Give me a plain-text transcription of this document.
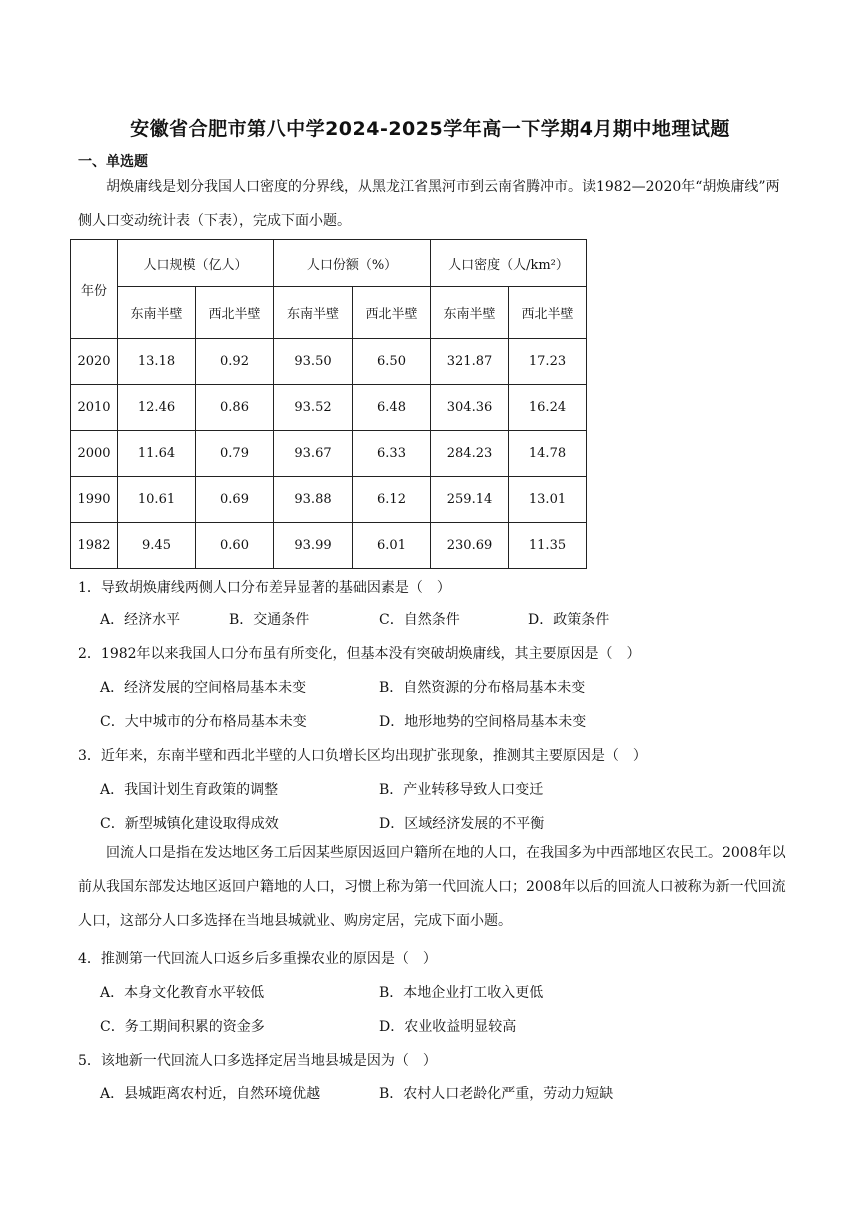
安徽省合肥市第八中学2024-2025学年高一下学期4月期中地理试题
一、单选题

胡焕庸线是划分我国人口密度的分界线，从黑龙江省黑河市到云南省腾冲市。读1982—2020年“胡焕庸线”两侧人口变动统计表（下表），完成下面小题。

年份	人口规模（亿人）		人口份额（%）		人口密度（人/km²）	
	东南半壁	西北半壁	东南半壁	西北半壁	东南半壁	西北半壁
2020	13.18	0.92	93.50	6.50	321.87	17.23
2010	12.46	0.86	93.52	6.48	304.36	16.24
2000	11.64	0.79	93.67	6.33	284.23	14.78
1990	10.61	0.69	93.88	6.12	259.14	13.01
1982	9.45	0.60	93.99	6.01	230.69	11.35
1．导致胡焕庸线两侧人口分布差异显著的基础因素是（　）
A．经济水平	B．交通条件	C．自然条件	D．政策条件
2．1982年以来我国人口分布虽有所变化，但基本没有突破胡焕庸线，其主要原因是（　）
A．经济发展的空间格局基本未变	B．自然资源的分布格局基本未变
C．大中城市的分布格局基本未变	D．地形地势的空间格局基本未变
3．近年来，东南半壁和西北半壁的人口负增长区均出现扩张现象，推测其主要原因是（　）
A．我国计划生育政策的调整	B．产业转移导致人口变迁
C．新型城镇化建设取得成效	D．区域经济发展的不平衡

回流人口是指在发达地区务工后因某些原因返回户籍所在地的人口，在我国多为中西部地区农民工。2008年以前从我国东部发达地区返回户籍地的人口，习惯上称为第一代回流人口；2008年以后的回流人口被称为新一代回流人口，这部分人口多选择在当地县城就业、购房定居，完成下面小题。

4．推测第一代回流人口返乡后多重操农业的原因是（　）
A．本身文化教育水平较低	B．本地企业打工收入更低
C．务工期间积累的资金多	D．农业收益明显较高
5．该地新一代回流人口多选择定居当地县城是因为（　）
A．县城距离农村近，自然环境优越	B．农村人口老龄化严重，劳动力短缺
